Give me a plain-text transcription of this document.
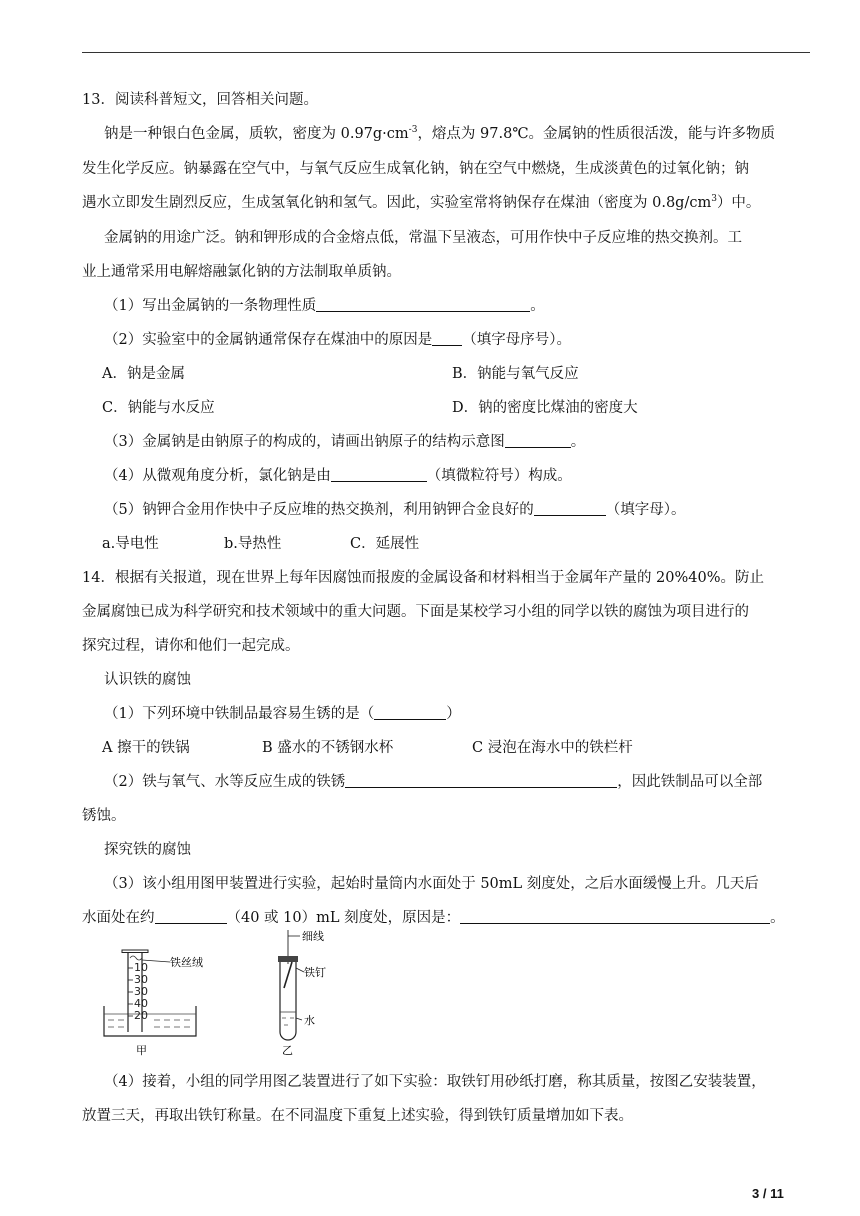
13．阅读科普短文，回答相关问题。
钠是一种银白色金属，质软，密度为 $0.97g\cdot cm^{-3}$，熔点为 97.8℃。金属钠的性质很活泼，能与许多物质
发生化学反应。钠暴露在空气中，与氧气反应生成氧化钠，钠在空气中燃烧，生成淡黄色的过氧化钠；钠
遇水立即发生剧烈反应，生成氢氧化钠和氢气。因此，实验室常将钠保存在煤油（密度为 $0.8g/cm^3$）中。
金属钠的用途广泛。钠和钾形成的合金熔点低，常温下呈液态，可用作快中子反应堆的热交换剂。工
业上通常采用电解熔融氯化钠的方法制取单质钠。
（1）写出金属钠的一条物理性质	。
（2）实验室中的金属钠通常保存在煤油中的原因是 （填字母序号）。
A．钠是金属	B．钠能与氧气反应
C．钠能与水反应	D．钠的密度比煤油的密度大
（3）金属钠是由钠原子的构成的，请画出钠原子的结构示意图	。
（4）从微观角度分析，氯化钠是由	（填微粒符号）构成。
（5）钠钾合金用作快中子反应堆的热交换剂，利用钠钾合金良好的	（填字母）。
a.导电性	b.导热性	C．延展性
14．根据有关报道，现在世界上每年因腐蚀而报废的金属设备和材料相当于金属年产量的 20%40%。防止
金属腐蚀已成为科学研究和技术领域中的重大问题。下面是某校学习小组的同学以铁的腐蚀为项目进行的
探究过程，请你和他们一起完成。
认识铁的腐蚀
（1）下列环境中铁制品最容易生锈的是（	）
A 擦干的铁锅	B 盛水的不锈钢水杯	C 浸泡在海水中的铁栏杆
（2）铁与氧气、水等反应生成的铁锈	，因此铁制品可以全部
锈蚀。
探究铁的腐蚀
（3）该小组用图甲装置进行实验，起始时量筒内水面处于 50mL 刻度处，之后水面缓慢上升。几天后
水面处在约	（40 或 10）mL 刻度处，原因是：	。
10
30
30
40
20
铁丝绒
甲
细线
铁钉
水
乙
（4）接着，小组的同学用图乙装置进行了如下实验：取铁钉用砂纸打磨，称其质量，按图乙安装装置，
放置三天，再取出铁钉称量。在不同温度下重复上述实验，得到铁钉质量增加如下表。
3 / 11
